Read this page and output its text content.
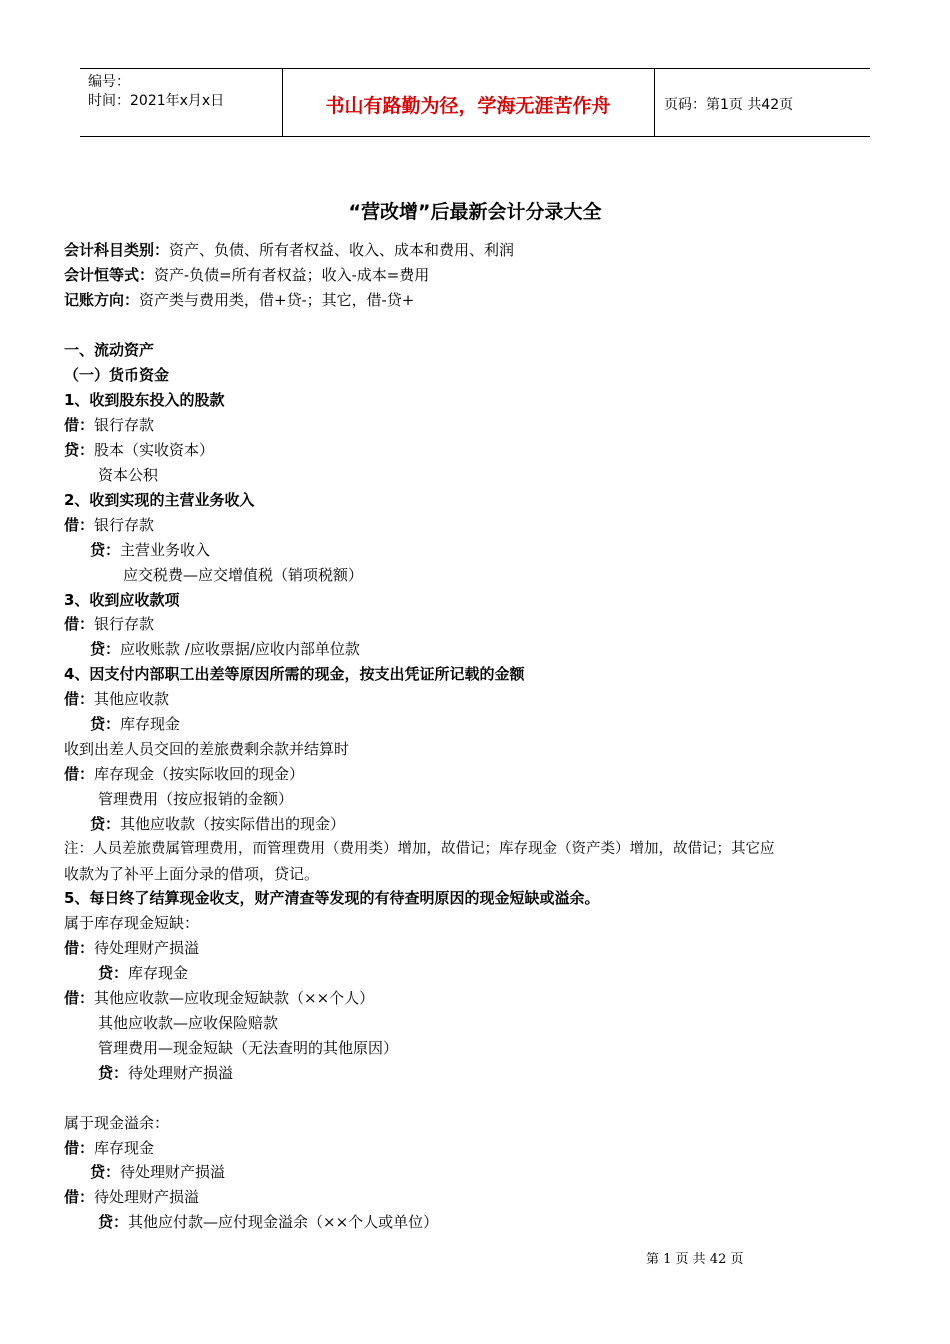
编号：
时间：2021年x月x日	书山有路勤为径，学海无涯苦作舟	页码：第1页 共42页
“营改增”后最新会计分录大全
会计科目类别：资产、负债、所有者权益、收入、成本和费用、利润
会计恒等式：资产-负债=所有者权益；收入-成本=费用
记账方向：资产类与费用类，借+贷-；其它，借-贷+
一、流动资产
（一）货币资金
1、收到股东投入的股款
借：银行存款
贷：股本（实收资本）
资本公积
2、收到实现的主营业务收入
借：银行存款
贷：主营业务收入
应交税费—应交增值税（销项税额）
3、收到应收款项
借：银行存款
贷：应收账款 /应收票据/应收内部单位款
4、因支付内部职工出差等原因所需的现金，按支出凭证所记载的金额
借：其他应收款
贷：库存现金
收到出差人员交回的差旅费剩余款并结算时
借：库存现金（按实际收回的现金）
管理费用（按应报销的金额）
贷：其他应收款（按实际借出的现金）
注：人员差旅费属管理费用，而管理费用（费用类）增加，故借记；库存现金（资产类）增加，故借记；其它应
收款为了补平上面分录的借项，贷记。
5、每日终了结算现金收支，财产清查等发现的有待查明原因的现金短缺或溢余。
属于库存现金短缺：
借：待处理财产损溢
贷：库存现金
借：其他应收款—应收现金短缺款（××个人）
其他应收款—应收保险赔款
管理费用—现金短缺（无法查明的其他原因）
贷：待处理财产损溢
属于现金溢余：
借：库存现金
贷：待处理财产损溢
借：待处理财产损溢
贷：其他应付款—应付现金溢余（××个人或单位）
第 1 页 共 42 页
